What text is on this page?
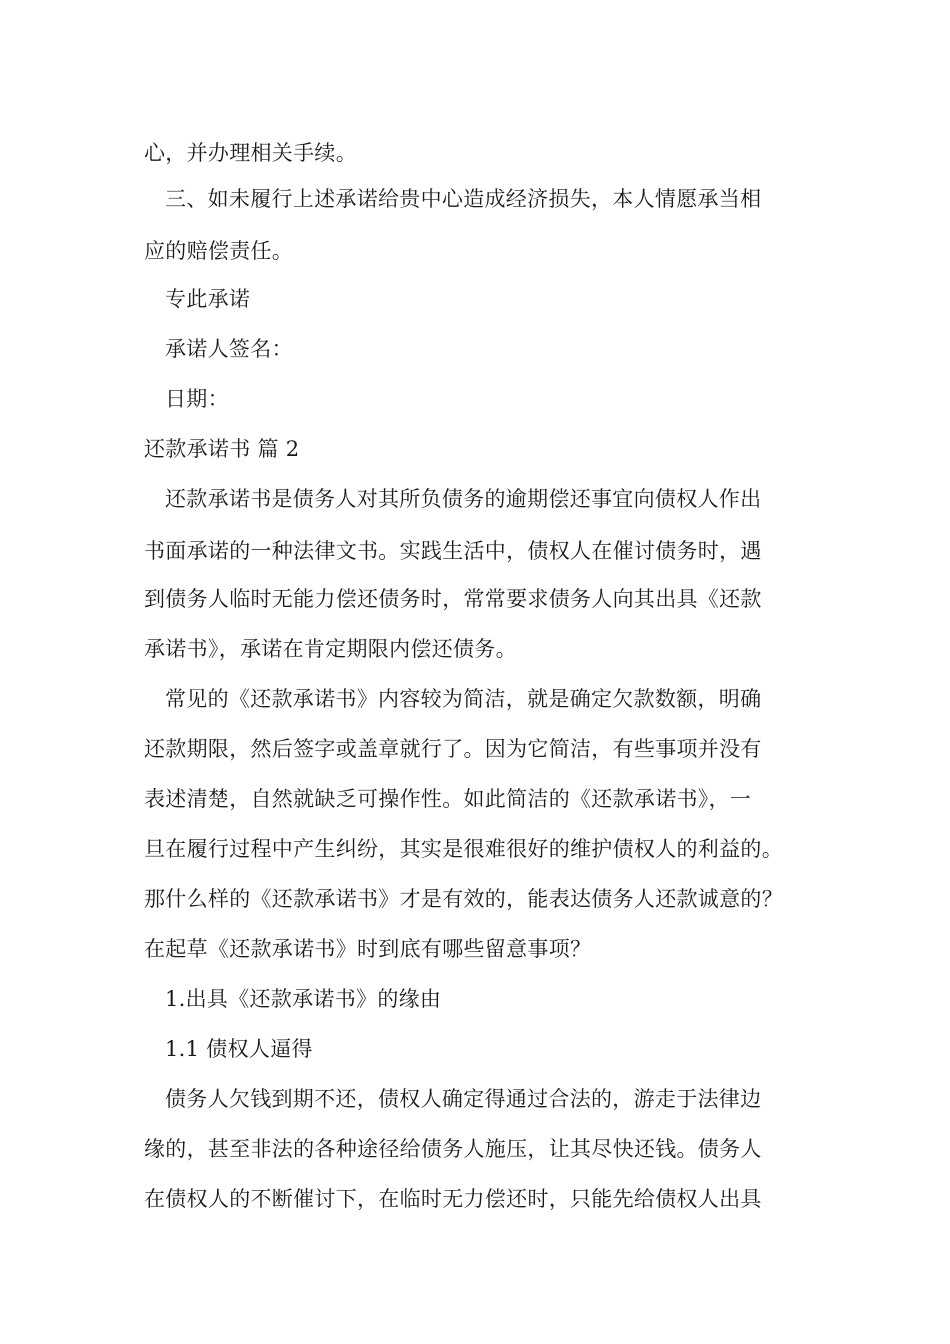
心，并办理相关手续。
三、如未履行上述承诺给贵中心造成经济损失，本人情愿承当相
应的赔偿责任。
专此承诺
承诺人签名：
日期：
还款承诺书 篇 2
还款承诺书是债务人对其所负债务的逾期偿还事宜向债权人作出
书面承诺的一种法律文书。实践生活中，债权人在催讨债务时，遇
到债务人临时无能力偿还债务时，常常要求债务人向其出具《还款
承诺书》，承诺在肯定期限内偿还债务。
常见的《还款承诺书》内容较为简洁，就是确定欠款数额，明确
还款期限，然后签字或盖章就行了。因为它简洁，有些事项并没有
表述清楚，自然就缺乏可操作性。如此简洁的《还款承诺书》，一
旦在履行过程中产生纠纷，其实是很难很好的维护债权人的利益的。
那什么样的《还款承诺书》才是有效的，能表达债务人还款诚意的？
在起草《还款承诺书》时到底有哪些留意事项？
1.出具《还款承诺书》的缘由
1.1 债权人逼得
债务人欠钱到期不还，债权人确定得通过合法的，游走于法律边
缘的，甚至非法的各种途径给债务人施压，让其尽快还钱。债务人
在债权人的不断催讨下，在临时无力偿还时，只能先给债权人出具
